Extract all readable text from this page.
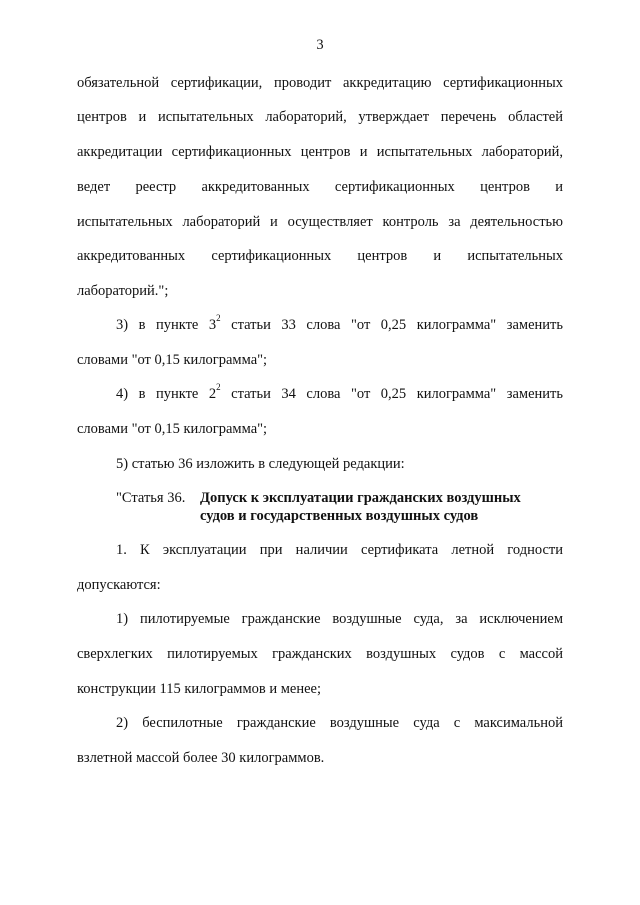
3
обязательной сертификации, проводит аккредитацию сертификационных
центров и испытательных лабораторий, утверждает перечень областей
аккредитации сертификационных центров и испытательных лабораторий,
ведет реестр аккредитованных сертификационных центров и
испытательных лабораторий и осуществляет контроль за деятельностью
аккредитованных сертификационных центров и испытательных
лабораторий.";
3) в пункте $3^2$ статьи 33 слова "от 0,25 килограмма" заменить
словами "от 0,15 килограмма";
4) в пункте $2^2$ статьи 34 слова "от 0,25 килограмма" заменить
словами "от 0,15 килограмма";
5) статью 36 изложить в следующей редакции:
"Статья 36. Допуск к эксплуатации гражданских воздушных
судов и государственных воздушных судов
1. К эксплуатации при наличии сертификата летной годности
допускаются:
1) пилотируемые гражданские воздушные суда, за исключением
сверхлегких пилотируемых гражданских воздушных судов с массой
конструкции 115 килограммов и менее;
2) беспилотные гражданские воздушные суда с максимальной
взлетной массой более 30 килограммов.
